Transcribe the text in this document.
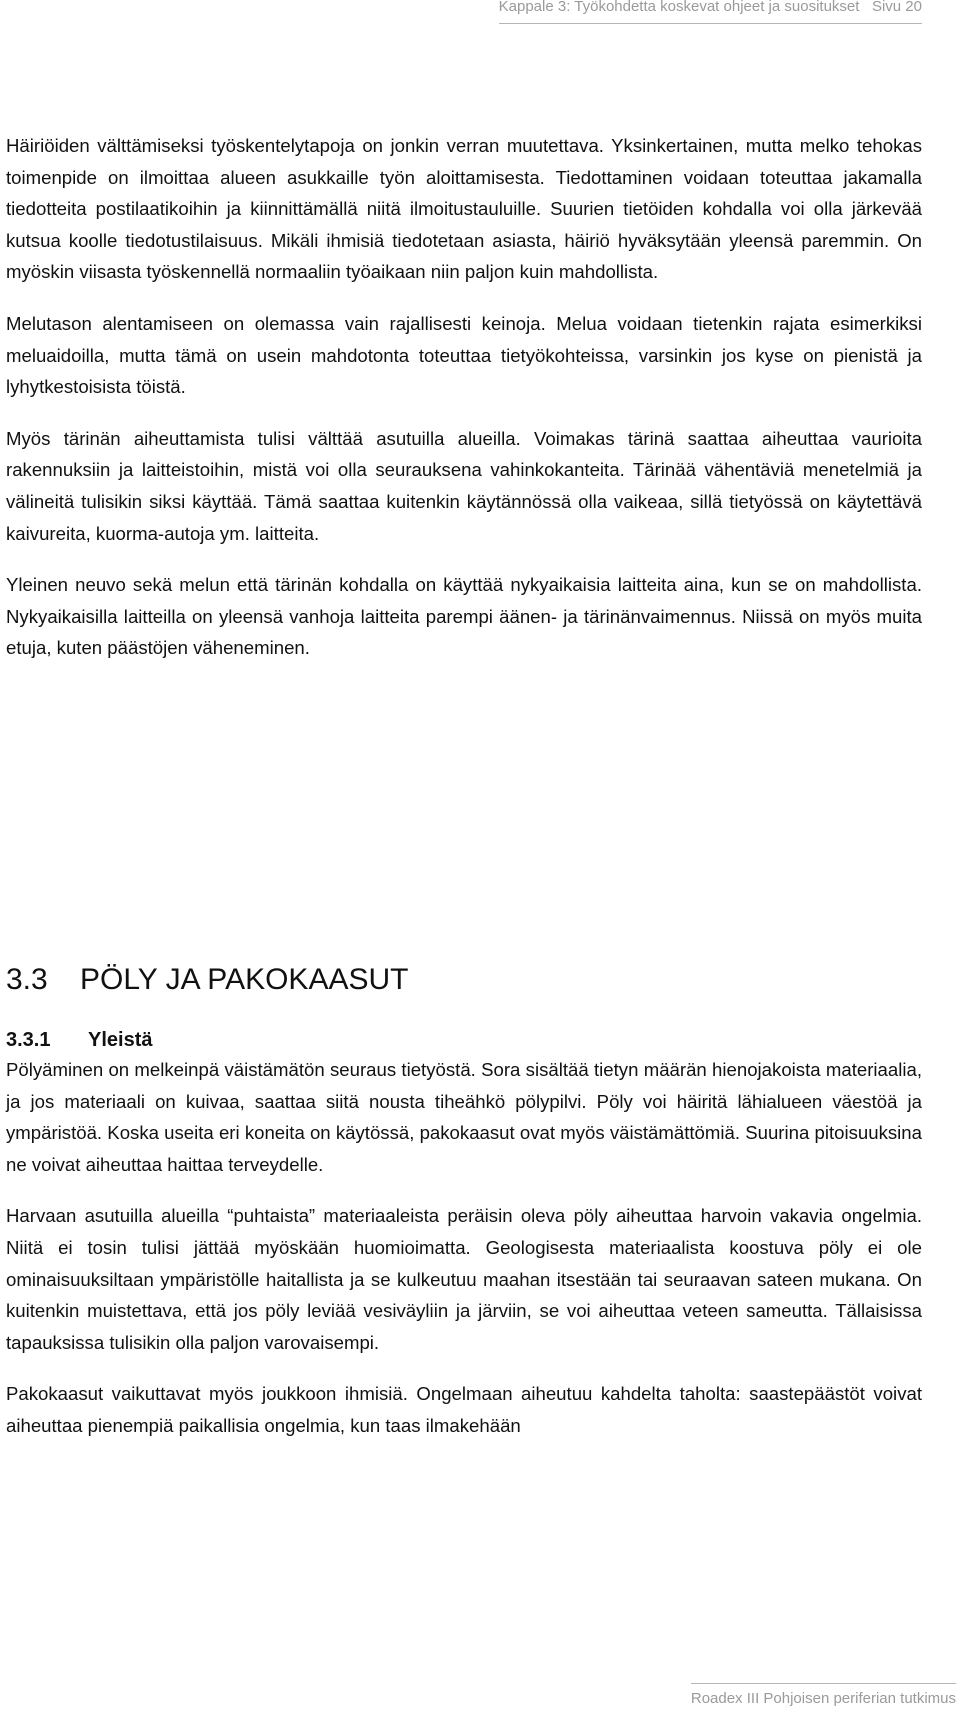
Kappale 3: Työkohdetta koskevat ohjeet ja suositukset Sivu 20

Häiriöiden välttämiseksi työskentelytapoja on jonkin verran muutettava. Yksinkertainen, mutta melko tehokas toimenpide on ilmoittaa alueen asukkaille työn aloittamisesta. Tiedottaminen voidaan toteuttaa jakamalla tiedotteita postilaatikoihin ja kiinnittämällä niitä ilmoitustauluille. Suurien tietöiden kohdalla voi olla järkevää kutsua koolle tiedotustilaisuus. Mikäli ihmisiä tiedotetaan asiasta, häiriö hyväksytään yleensä paremmin. On myöskin viisasta työskennellä normaaliin työaikaan niin paljon kuin mahdollista.

Melutason alentamiseen on olemassa vain rajallisesti keinoja. Melua voidaan tietenkin rajata esimerkiksi meluaidoilla, mutta tämä on usein mahdotonta toteuttaa tietyökohteissa, varsinkin jos kyse on pienistä ja lyhytkestoisista töistä.

Myös tärinän aiheuttamista tulisi välttää asutuilla alueilla. Voimakas tärinä saattaa aiheuttaa vaurioita rakennuksiin ja laitteistoihin, mistä voi olla seurauksena vahinkokanteita. Tärinää vähentäviä menetelmiä ja välineitä tulisikin siksi käyttää. Tämä saattaa kuitenkin käytännössä olla vaikeaa, sillä tietyössä on käytettävä kaivureita, kuorma-autoja ym. laitteita.

Yleinen neuvo sekä melun että tärinän kohdalla on käyttää nykyaikaisia laitteita aina, kun se on mahdollista. Nykyaikaisilla laitteilla on yleensä vanhoja laitteita parempi äänen- ja tärinänvaimennus. Niissä on myös muita etuja, kuten päästöjen väheneminen.

3.3 PÖLY JA PAKOKAASUT
3.3.1 Yleistä

Pölyäminen on melkeinpä väistämätön seuraus tietyöstä. Sora sisältää tietyn määrän hienojakoista materiaalia, ja jos materiaali on kuivaa, saattaa siitä nousta tiheähkö pölypilvi. Pöly voi häiritä lähialueen väestöä ja ympäristöä. Koska useita eri koneita on käytössä, pakokaasut ovat myös väistämättömiä. Suurina pitoisuuksina ne voivat aiheuttaa haittaa terveydelle.

Harvaan asutuilla alueilla “puhtaista” materiaaleista peräisin oleva pöly aiheuttaa harvoin vakavia ongelmia. Niitä ei tosin tulisi jättää myöskään huomioimatta. Geologisesta materiaalista koostuva pöly ei ole ominaisuuksiltaan ympäristölle haitallista ja se kulkeutuu maahan itsestään tai seuraavan sateen mukana. On kuitenkin muistettava, että jos pöly leviää vesiväyliin ja järviin, se voi aiheuttaa veteen sameutta. Tällaisissa tapauksissa tulisikin olla paljon varovaisempi.

Pakokaasut vaikuttavat myös joukkoon ihmisiä. Ongelmaan aiheutuu kahdelta taholta: saastepäästöt voivat aiheuttaa pienempiä paikallisia ongelmia, kun taas ilmakehään

Roadex III Pohjoisen periferian tutkimus
